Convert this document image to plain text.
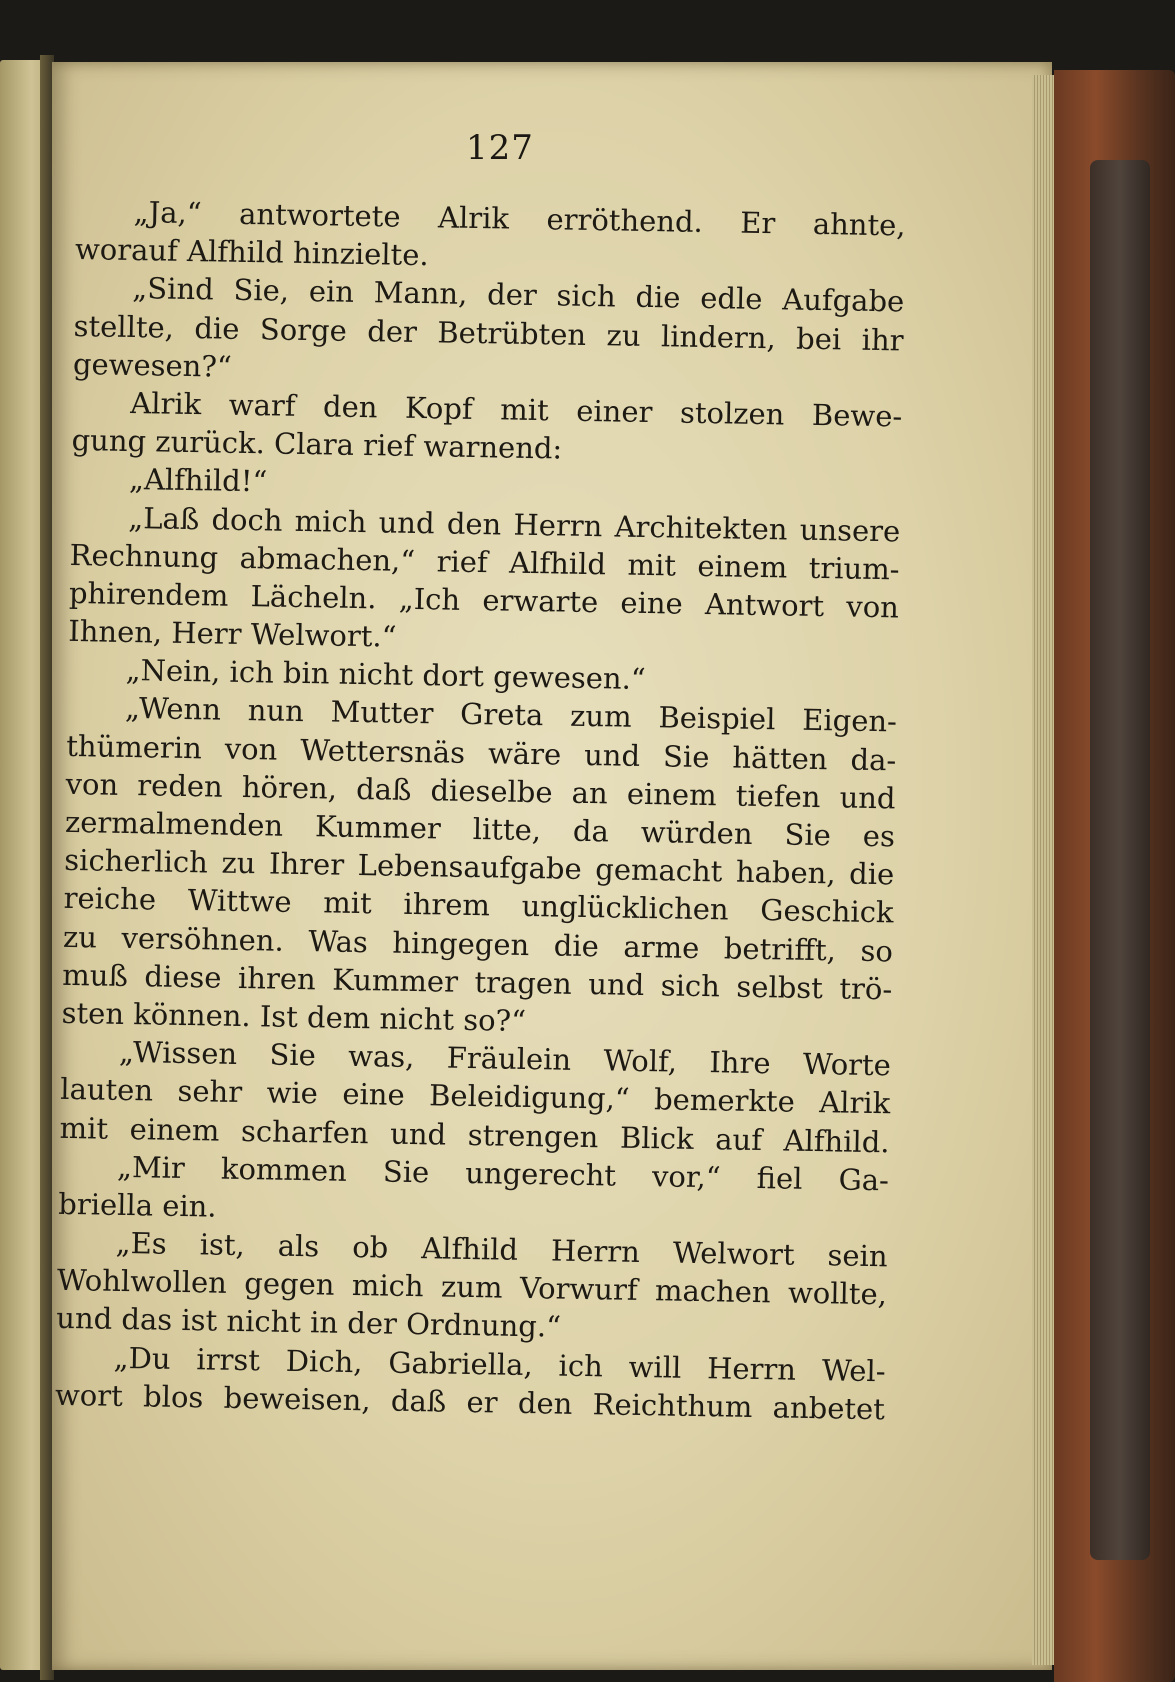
127
„Ja,“ antwortete Alrik erröthend. Er ahnte,
worauf Alfhild hinzielte.
„Sind Sie, ein Mann, der sich die edle Aufgabe
stellte, die Sorge der Betrübten zu lindern, bei ihr
gewesen?“
Alrik warf den Kopf mit einer stolzen Bewe-
gung zurück. Clara rief warnend:
„Alfhild!“
„Laß doch mich und den Herrn Architekten unsere
Rechnung abmachen,“ rief Alfhild mit einem trium-
phirendem Lächeln. „Ich erwarte eine Antwort von
Ihnen, Herr Welwort.“
„Nein, ich bin nicht dort gewesen.“
„Wenn nun Mutter Greta zum Beispiel Eigen-
thümerin von Wettersnäs wäre und Sie hätten da-
von reden hören, daß dieselbe an einem tiefen und
zermalmenden Kummer litte, da würden Sie es
sicherlich zu Ihrer Lebensaufgabe gemacht haben, die
reiche Wittwe mit ihrem unglücklichen Geschick
zu versöhnen. Was hingegen die arme betrifft, so
muß diese ihren Kummer tragen und sich selbst trö-
sten können. Ist dem nicht so?“
„Wissen Sie was, Fräulein Wolf, Ihre Worte
lauten sehr wie eine Beleidigung,“ bemerkte Alrik
mit einem scharfen und strengen Blick auf Alfhild.
„Mir kommen Sie ungerecht vor,“ fiel Ga-
briella ein.
„Es ist, als ob Alfhild Herrn Welwort sein
Wohlwollen gegen mich zum Vorwurf machen wollte,
und das ist nicht in der Ordnung.“
„Du irrst Dich, Gabriella, ich will Herrn Wel-
wort blos beweisen, daß er den Reichthum anbetet
